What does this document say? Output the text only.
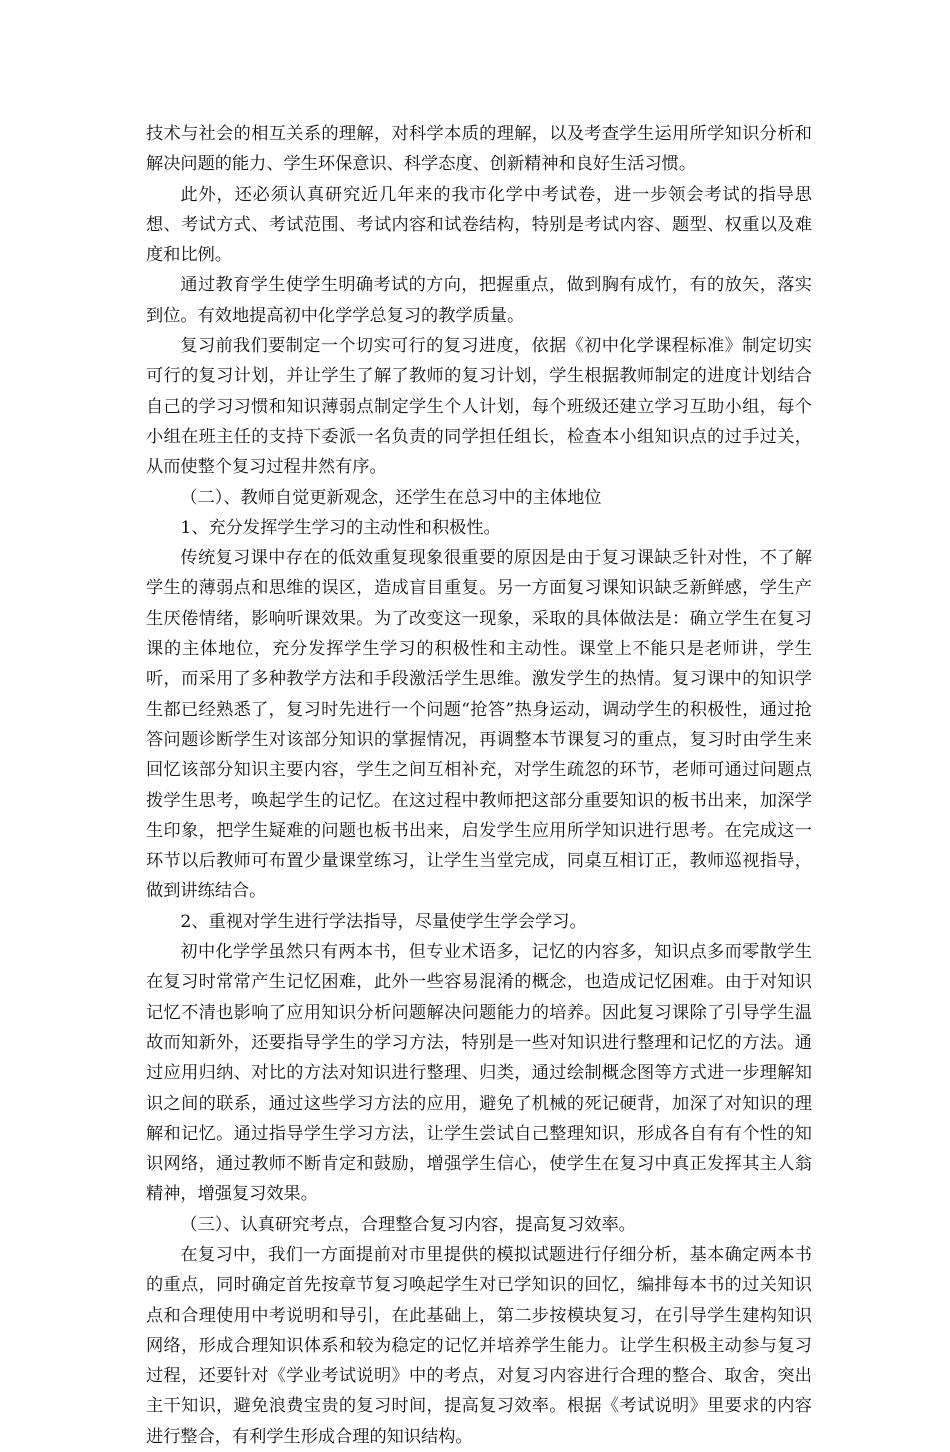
技术与社会的相互关系的理解，对科学本质的理解，以及考查学生运用所学知识分析和解决问题的能力、学生环保意识、科学态度、创新精神和良好生活习惯。

此外，还必须认真研究近几年来的我市化学中考试卷，进一步领会考试的指导思想、考试方式、考试范围、考试内容和试卷结构，特别是考试内容、题型、权重以及难度和比例。

通过教育学生使学生明确考试的方向，把握重点，做到胸有成竹，有的放矢，落实到位。有效地提高初中化学学总复习的教学质量。

复习前我们要制定一个切实可行的复习进度，依据《初中化学课程标准》制定切实可行的复习计划，并让学生了解了教师的复习计划，学生根据教师制定的进度计划结合自己的学习习惯和知识薄弱点制定学生个人计划，每个班级还建立学习互助小组，每个小组在班主任的支持下委派一名负责的同学担任组长，检查本小组知识点的过手过关，从而使整个复习过程井然有序。

（二）、教师自觉更新观念，还学生在总习中的主体地位

1、充分发挥学生学习的主动性和积极性。

传统复习课中存在的低效重复现象很重要的原因是由于复习课缺乏针对性，不了解学生的薄弱点和思维的误区，造成盲目重复。另一方面复习课知识缺乏新鲜感，学生产生厌倦情绪，影响听课效果。为了改变这一现象，采取的具体做法是：确立学生在复习课的主体地位，充分发挥学生学习的积极性和主动性。课堂上不能只是老师讲，学生听，而采用了多种教学方法和手段激活学生思维。激发学生的热情。复习课中的知识学生都已经熟悉了，复习时先进行一个问题“抢答”热身运动，调动学生的积极性，通过抢答问题诊断学生对该部分知识的掌握情况，再调整本节课复习的重点，复习时由学生来回忆该部分知识主要内容，学生之间互相补充，对学生疏忽的环节，老师可通过问题点拨学生思考，唤起学生的记忆。在这过程中教师把这部分重要知识的板书出来，加深学生印象，把学生疑难的问题也板书出来，启发学生应用所学知识进行思考。在完成这一环节以后教师可布置少量课堂练习，让学生当堂完成，同桌互相订正，教师巡视指导，做到讲练结合。

2、重视对学生进行学法指导，尽量使学生学会学习。

初中化学学虽然只有两本书，但专业术语多，记忆的内容多，知识点多而零散学生在复习时常常产生记忆困难，此外一些容易混淆的概念，也造成记忆困难。由于对知识记忆不清也影响了应用知识分析问题解决问题能力的培养。因此复习课除了引导学生温故而知新外，还要指导学生的学习方法，特别是一些对知识进行整理和记忆的方法。通过应用归纳、对比的方法对知识进行整理、归类，通过绘制概念图等方式进一步理解知识之间的联系，通过这些学习方法的应用，避免了机械的死记硬背，加深了对知识的理解和记忆。通过指导学生学习方法，让学生尝试自己整理知识，形成各自有有个性的知识网络，通过教师不断肯定和鼓励，增强学生信心，使学生在复习中真正发挥其主人翁精神，增强复习效果。

（三）、认真研究考点，合理整合复习内容，提高复习效率。

在复习中，我们一方面提前对市里提供的模拟试题进行仔细分析，基本确定两本书的重点，同时确定首先按章节复习唤起学生对已学知识的回忆，编排每本书的过关知识点和合理使用中考说明和导引，在此基础上，第二步按模块复习，在引导学生建构知识网络，形成合理知识体系和较为稳定的记忆并培养学生能力。让学生积极主动参与复习过程，还要针对《学业考试说明》中的考点，对复习内容进行合理的整合、取舍，突出主干知识，避免浪费宝贵的复习时间，提高复习效率。根据《考试说明》里要求的内容进行整合，有利学生形成合理的知识结构。
